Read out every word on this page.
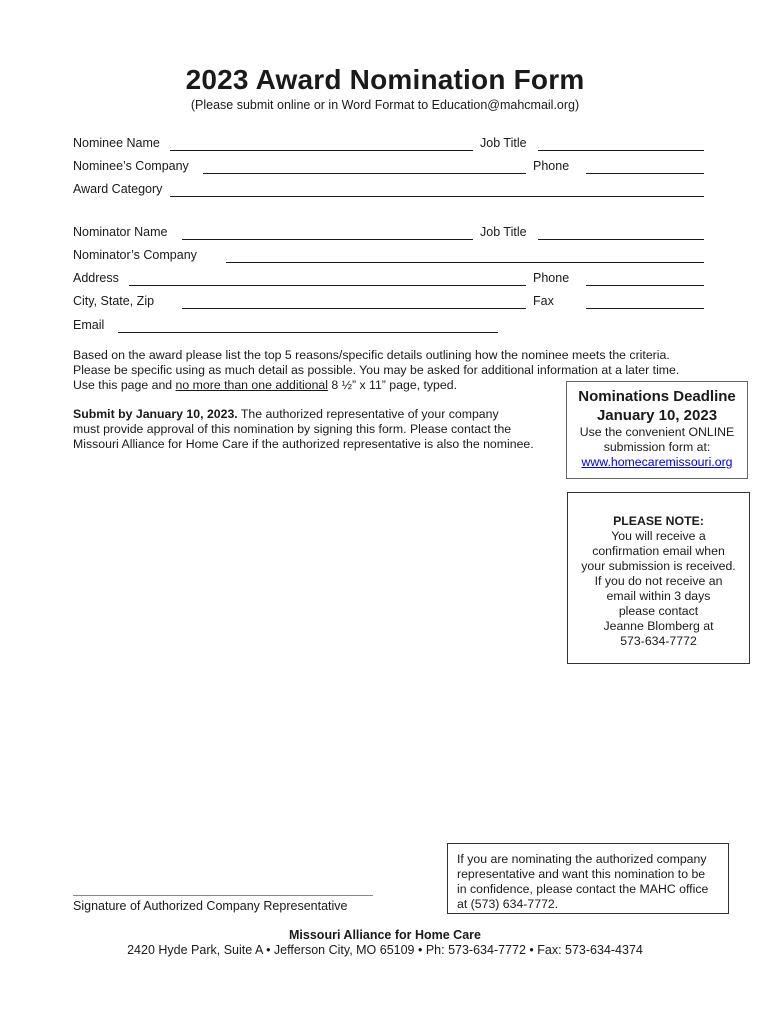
2023 Award Nomination Form
(Please submit online or in Word Format to Education@mahcmail.org)
Nominee Name	Job Title
Nominee’s Company	Phone
Award Category
Nominator Name	Job Title
Nominator’s Company
Address	Phone
City, State, Zip	Fax
Email
Based on the award please list the top 5 reasons/specific details outlining how the nominee meets the criteria.
Please be specific using as much detail as possible. You may be asked for additional information at a later time.
Use this page and no more than one additional 8 ½” x 11” page, typed.
Submit by January 10, 2023. The authorized representative of your company
must provide approval of this nomination by signing this form. Please contact the
Missouri Alliance for Home Care if the authorized representative is also the nominee.
Nominations Deadline
January 10, 2023
Use the convenient ONLINE
submission form at:
www.homecaremissouri.org
PLEASE NOTE:
You will receive a
confirmation email when
your submission is received.
If you do not receive an
email within 3 days
please contact
Jeanne Blomberg at
573-634-7772
Signature of Authorized Company Representative
If you are nominating the authorized company
representative and want this nomination to be
in confidence, please contact the MAHC office
at (573) 634-7772.
Missouri Alliance for Home Care
2420 Hyde Park, Suite A • Jefferson City, MO 65109 • Ph: 573-634-7772 • Fax: 573-634-4374
